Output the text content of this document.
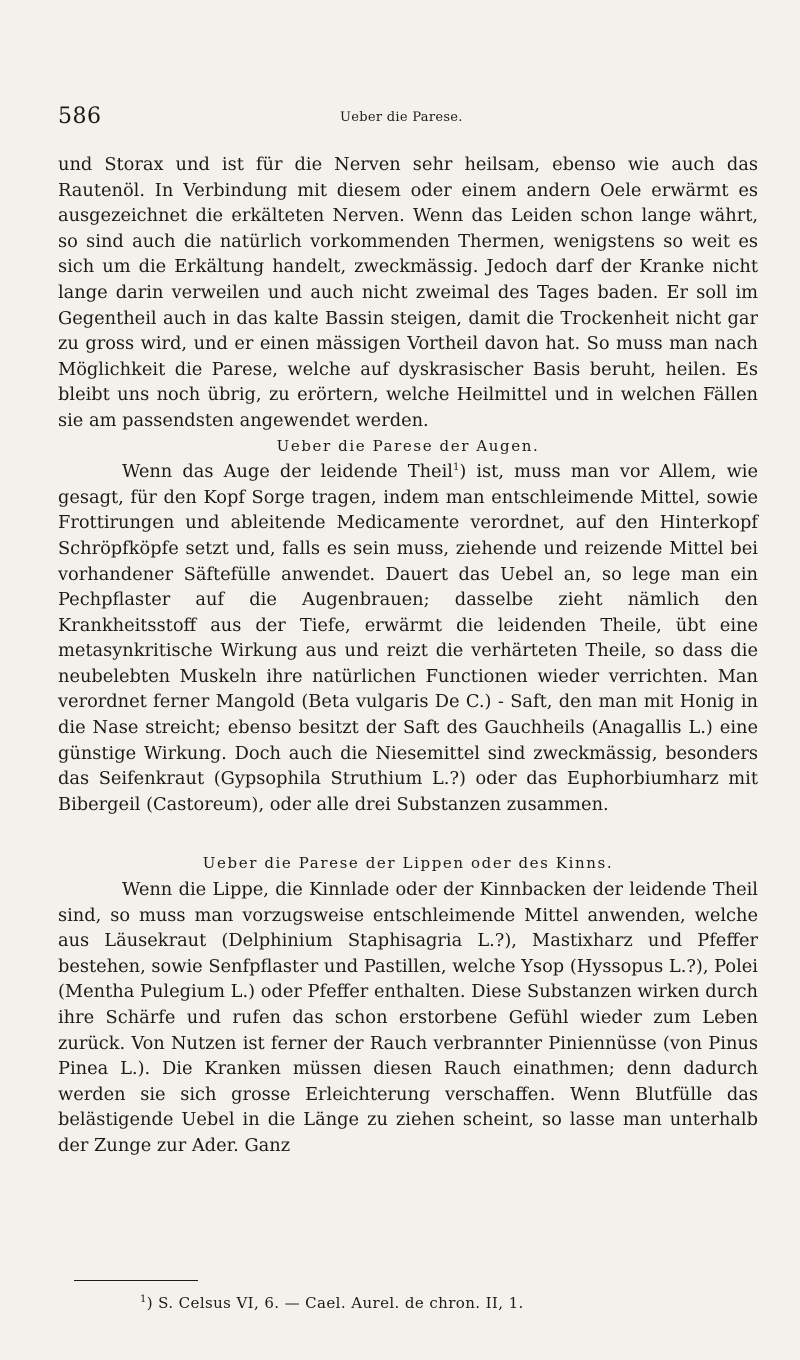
586	Ueber die Parese.

und Storax und ist für die Nerven sehr heilsam, ebenso wie auch das Rautenöl. In Verbindung mit diesem oder einem andern Oele erwärmt es ausgezeichnet die erkälteten Nerven. Wenn das Leiden schon lange währt, so sind auch die natürlich vorkommenden Thermen, wenigstens so weit es sich um die Erkältung handelt, zweckmässig. Jedoch darf der Kranke nicht lange darin verweilen und auch nicht zweimal des Tages baden. Er soll im Gegentheil auch in das kalte Bassin steigen, damit die Trockenheit nicht gar zu gross wird, und er einen mässigen Vortheil davon hat. So muss man nach Möglichkeit die Parese, welche auf dyskrasischer Basis beruht, heilen. Es bleibt uns noch übrig, zu erörtern, welche Heilmittel und in welchen Fällen sie am passendsten angewendet werden.

Ueber die Parese der Augen.

Wenn das Auge der leidende Theil$^1$) ist, muss man vor Allem, wie gesagt, für den Kopf Sorge tragen, indem man entschleimende Mittel, sowie Frottirungen und ableitende Medicamente verordnet, auf den Hinterkopf Schröpfköpfe setzt und, falls es sein muss, ziehende und reizende Mittel bei vorhandener Säftefülle anwendet. Dauert das Uebel an, so lege man ein Pechpflaster auf die Augenbrauen; dasselbe zieht nämlich den Krankheitsstoff aus der Tiefe, erwärmt die leidenden Theile, übt eine metasynkritische Wirkung aus und reizt die verhärteten Theile, so dass die neubelebten Muskeln ihre natürlichen Functionen wieder verrichten. Man verordnet ferner Mangold (Beta vulgaris De C.) - Saft, den man mit Honig in die Nase streicht; ebenso besitzt der Saft des Gauchheils (Anagallis L.) eine günstige Wirkung. Doch auch die Niesemittel sind zweckmässig, besonders das Seifenkraut (Gypsophila Struthium L.?) oder das Euphorbiumharz mit Bibergeil (Castoreum), oder alle drei Substanzen zusammen.

Ueber die Parese der Lippen oder des Kinns.

Wenn die Lippe, die Kinnlade oder der Kinnbacken der leidende Theil sind, so muss man vorzugsweise entschleimende Mittel anwenden, welche aus Läusekraut (Delphinium Staphisagria L.?), Mastixharz und Pfeffer bestehen, sowie Senfpflaster und Pastillen, welche Ysop (Hyssopus L.?), Polei (Mentha Pulegium L.) oder Pfeffer enthalten. Diese Substanzen wirken durch ihre Schärfe und rufen das schon erstorbene Gefühl wieder zum Leben zurück. Von Nutzen ist ferner der Rauch verbrannter Piniennüsse (von Pinus Pinea L.). Die Kranken müssen diesen Rauch einathmen; denn dadurch werden sie sich grosse Erleichterung verschaffen. Wenn Blutfülle das belästigende Uebel in die Länge zu ziehen scheint, so lasse man unterhalb der Zunge zur Ader. Ganz

$^1$) S. Celsus VI, 6. — Cael. Aurel. de chron. II, 1.
